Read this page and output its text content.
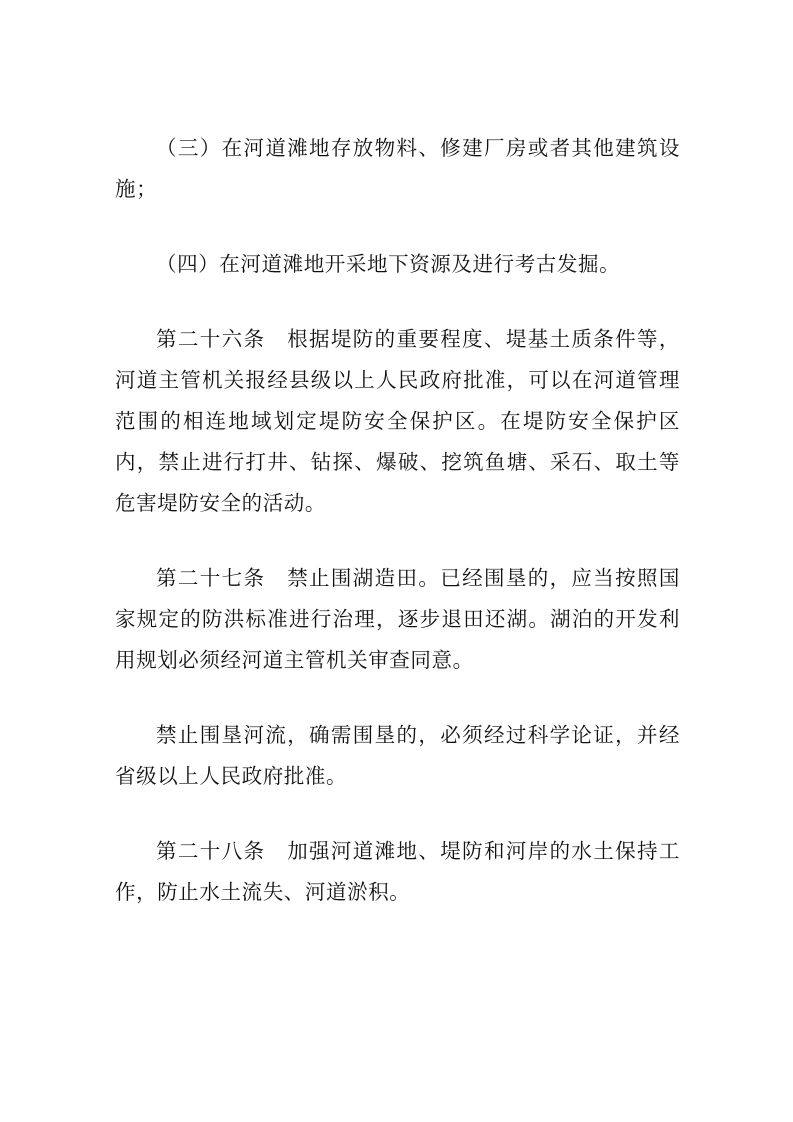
（三）在河道滩地存放物料、修建厂房或者其他建筑设施；

（四）在河道滩地开采地下资源及进行考古发掘。

第二十六条　根据堤防的重要程度、堤基土质条件等，河道主管机关报经县级以上人民政府批准，可以在河道管理范围的相连地域划定堤防安全保护区。在堤防安全保护区内，禁止进行打井、钻探、爆破、挖筑鱼塘、采石、取土等危害堤防安全的活动。

第二十七条　禁止围湖造田。已经围垦的，应当按照国家规定的防洪标准进行治理，逐步退田还湖。湖泊的开发利用规划必须经河道主管机关审查同意。

禁止围垦河流，确需围垦的，必须经过科学论证，并经省级以上人民政府批准。

第二十八条　加强河道滩地、堤防和河岸的水土保持工作，防止水土流失、河道淤积。
